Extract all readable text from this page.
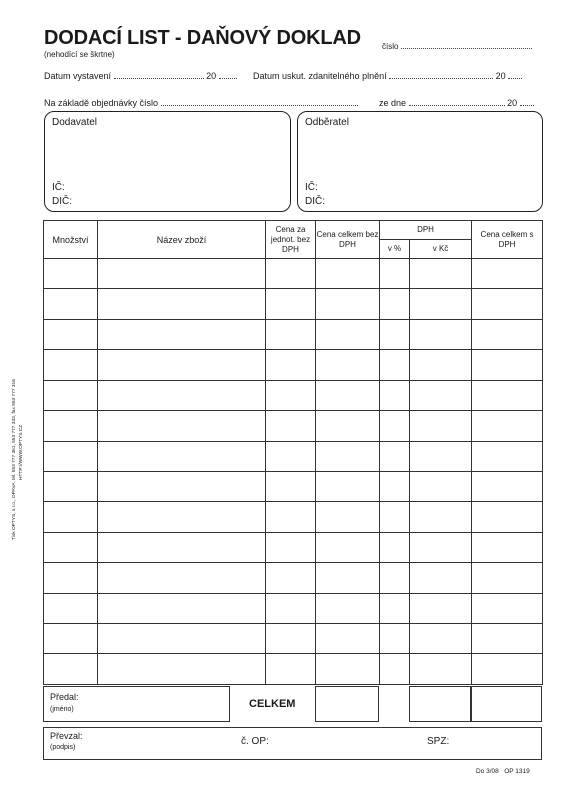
DODACÍ LIST - DAŇOVÝ DOKLAD	číslo
(nehodící se škrtne)
Datum vystavení	20	Datum uskut. zdanitelného plnění	20
Na základě objednávky číslo	ze dne	20
Dodavatel
IČ:
DIČ:
Odběratel
IČ:
DIČ:
Množství	Název zboží	Cena za jednot. bez DPH	Cena celkem bez DPH	DPH		Cena celkem s DPH
				v %	v Kč	

Předal:
(jméno)	CELKEM
Převzal:
(podpis)
č. OP:	SPZ:
Do 3/08 OP 1319
Tisk OPTYS, s.r.o., OPAVA, tel. 553 777 361, 553 777 333, fax 553 777 316 HTTP://WWW.OPTYS.CZ
